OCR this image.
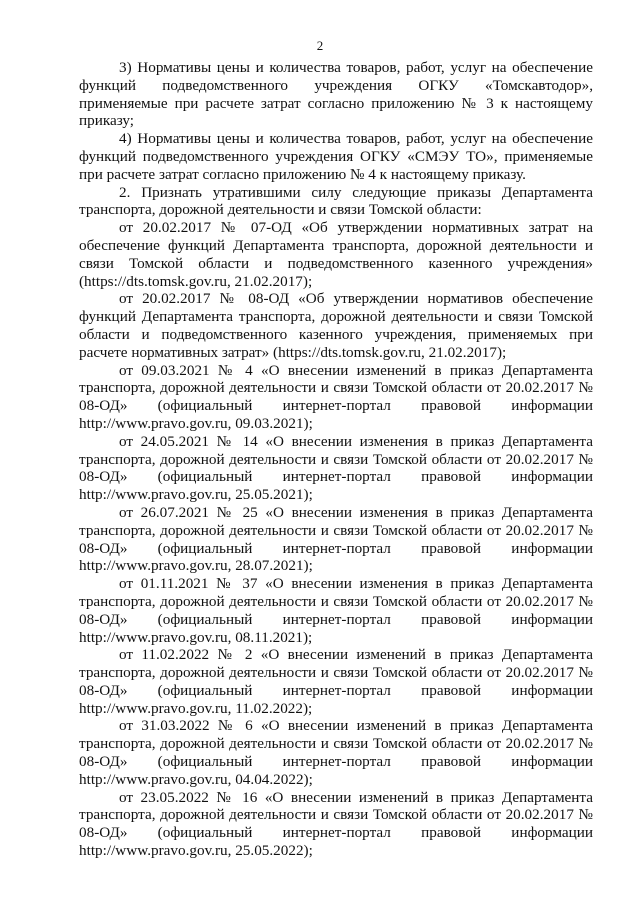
2

3) Нормативы цены и количества товаров, работ, услуг на обеспечение функций подведомственного учреждения ОГКУ «Томскавтодор», применяемые при расчете затрат согласно приложению № 3 к настоящему приказу;

4) Нормативы цены и количества товаров, работ, услуг на обеспечение функций подведомственного учреждения ОГКУ «СМЭУ ТО», применяемые при расчете затрат согласно приложению № 4 к настоящему приказу.

2. Признать утратившими силу следующие приказы Департамента транспорта, дорожной деятельности и связи Томской области:

от 20.02.2017 № 07-ОД «Об утверждении нормативных затрат на обеспечение функций Департамента транспорта, дорожной деятельности и связи Томской области и подведомственного казенного учреждения» (https://dts.tomsk.gov.ru, 21.02.2017);

от 20.02.2017 № 08-ОД «Об утверждении нормативов обеспечение функций Департамента транспорта, дорожной деятельности и связи Томской области и подведомственного казенного учреждения, применяемых при расчете нормативных затрат» (https://dts.tomsk.gov.ru, 21.02.2017);

от 09.03.2021 № 4 «О внесении изменений в приказ Департамента транспорта, дорожной деятельности и связи Томской области от 20.02.2017 № 08-ОД» (официальный интернет-портал правовой информации http://www.pravo.gov.ru, 09.03.2021);

от 24.05.2021 № 14 «О внесении изменения в приказ Департамента транспорта, дорожной деятельности и связи Томской области от 20.02.2017 № 08-ОД» (официальный интернет-портал правовой информации http://www.pravo.gov.ru, 25.05.2021);

от 26.07.2021 № 25 «О внесении изменения в приказ Департамента транспорта, дорожной деятельности и связи Томской области от 20.02.2017 № 08-ОД» (официальный интернет-портал правовой информации http://www.pravo.gov.ru, 28.07.2021);

от 01.11.2021 № 37 «О внесении изменения в приказ Департамента транспорта, дорожной деятельности и связи Томской области от 20.02.2017 № 08-ОД» (официальный интернет-портал правовой информации http://www.pravo.gov.ru, 08.11.2021);

от 11.02.2022 № 2 «О внесении изменений в приказ Департамента транспорта, дорожной деятельности и связи Томской области от 20.02.2017 № 08-ОД» (официальный интернет-портал правовой информации http://www.pravo.gov.ru, 11.02.2022);

от 31.03.2022 № 6 «О внесении изменений в приказ Департамента транспорта, дорожной деятельности и связи Томской области от 20.02.2017 № 08-ОД» (официальный интернет-портал правовой информации http://www.pravo.gov.ru, 04.04.2022);

от 23.05.2022 № 16 «О внесении изменений в приказ Департамента транспорта, дорожной деятельности и связи Томской области от 20.02.2017 № 08-ОД» (официальный интернет-портал правовой информации http://www.pravo.gov.ru, 25.05.2022);
